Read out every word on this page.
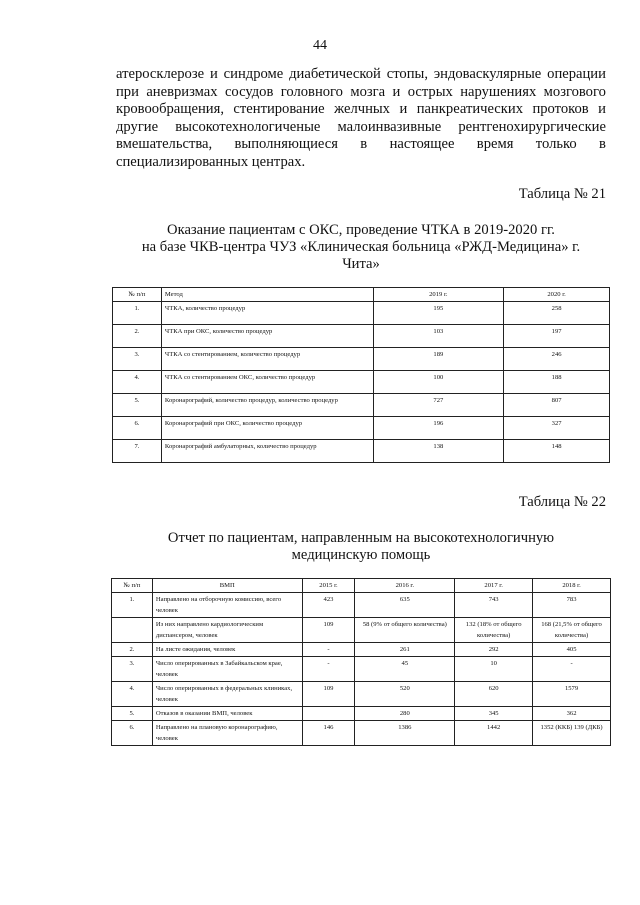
44
атеросклерозе и синдроме диабетической стопы, эндоваскулярные операции
при аневризмах сосудов головного мозга и острых нарушениях мозгового
кровообращения, стентирование желчных и панкреатических протоков и
другие высокотехнологиченые малоинвазивные рентгенохирургические
вмешательства, выполняющиеся в настоящее время только в
специализированных центрах.
Таблица № 21
Оказание пациентам с ОКС, проведение ЧТКА в 2019-2020 гг.
на базе ЧКВ-центра ЧУЗ «Клиническая больница «РЖД-Медицина» г.
Чита»
№ п/п	Метод	2019 г.	2020 г.
1.	ЧТКА, количество процедур	195	258
2.	ЧТКА при ОКС, количество процедур	103	197
3.	ЧТКА со стентированием, количество процедур	189	246
4.	ЧТКА со стентированием ОКС, количество процедур	100	188
5.	Коронарографий, количество процедур, количество процедур	727	807
6.	Коронарографий при ОКС, количество процедур	196	327
7.	Коронарографий амбулаторных, количество процедур	138	148
Таблица № 22
Отчет по пациентам, направленным на высокотехнологичную
медицинскую помощь
№ п/п	ВМП	2015 г.	2016 г.	2017 г.	2018 г.
1.	Направлено на отборочную комиссию, всего человек	423	635	743	783
	Из них направлено кардиологическим диспансером, человек	109	58 (9% от общего количества)	132 (18% от общего количества)	168 (21,5% от общего количества)
2.	На листе ожидания, человек	-	261	292	405
3.	Число оперированных в Забайкальском крае, человек	-	45	10	-
4.	Число оперированных в федеральных клиниках, человек	109	520	620	1579
5.	Отказов в оказании ВМП, человек		280	345	362
6.	Направлено на плановую коронарографию, человек	146	1386	1442	1352 (ККБ) 139 (ДКБ)
